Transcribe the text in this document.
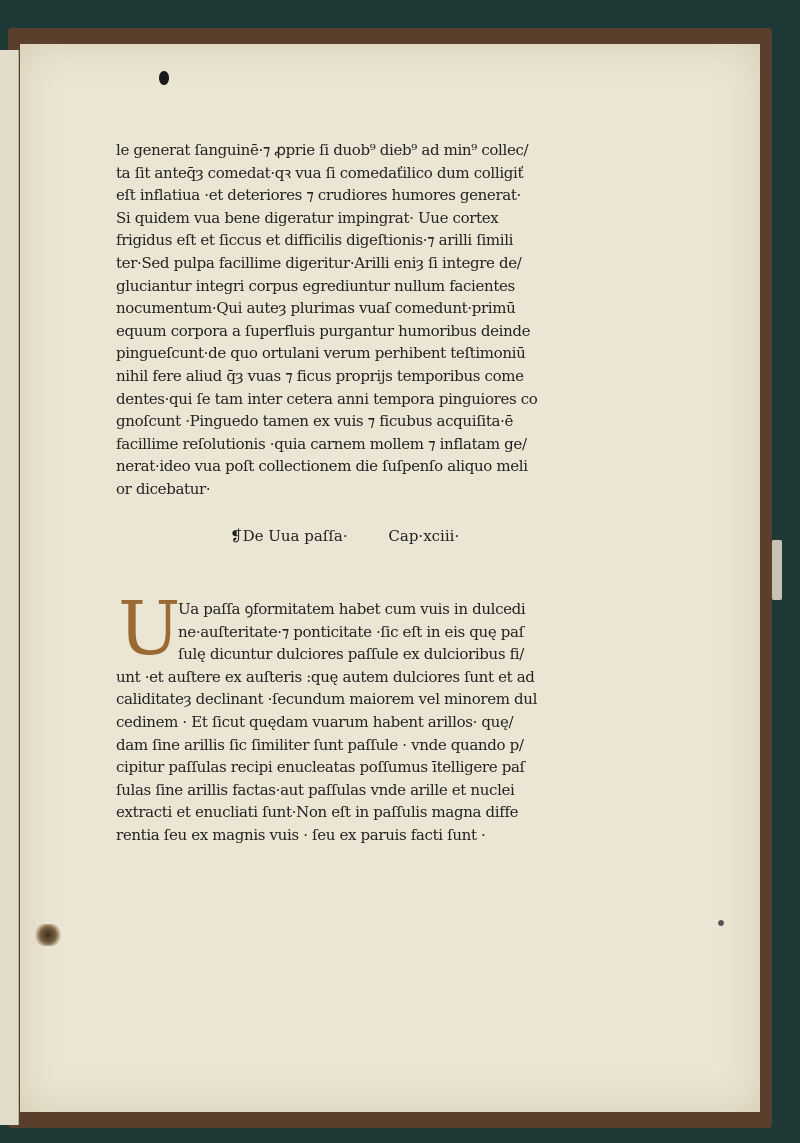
le generat ſanguinē·⁊ ꝓprie ſi duob⁹ dieb⁹ ad min⁹ collec/
ta ſit anteq̄ȝ comedat·qꝛ vua ſi comedaťilico dum colligiť
eſt inflatiua ·et deteriores ⁊ crudiores humores generat·
Si quidem vua bene digeratur impingrat· Uue cortex
frigidus eſt et ſiccus et difficilis digeſtionis·⁊ arilli ſimili
ter·Sed pulpa facillime digeritur·Arilli eniȝ ſi integre de/
gluciantur integri corpus egrediuntur nullum facientes
nocumentum·Qui auteȝ plurimas vuaſ comedunt·primū
equum corpora a ſuperfluis purgantur humoribus deinde
pingueſcunt·de quo ortulani verum perhibent teſtimoniū
nihil fere aliud q̄ȝ vuas ⁊ ficus proprijs temporibus come
dentes·qui ſe tam inter cetera anni tempora pinguiores co
gnoſcunt ·Pinguedo tamen ex vuis ⁊ ficubus acquiſita·ē
facillime reſolutionis ·quia carnem mollem ⁊ inflatam ge/
nerat·ideo vua poſt collectionem die ſuſpenſo aliquo meli
or dicebatur·
❡De Uua paſſa·	Cap·xciii·
U
Ua paſſa ꝯformitatem habet cum vuis in dulcedi
ne·auſteritate·⁊ ponticitate ·ſic eſt in eis quę paſ
ſulę dicuntur dulciores paſſule ex dulcioribus fi/
unt ·et auſtere ex auſteris :quę autem dulciores ſunt et ad
caliditateȝ declinant ·ſecundum maiorem vel minorem dul
cedinem · Et ſicut quędam vuarum habent arillos· quę/
dam ſine arillis ſic ſimiliter ſunt paſſule · vnde quando p/
cipitur paſſulas recipi enucleatas poſſumus ītelligere paſ
ſulas ſine arillis factas·aut paſſulas vnde arille et nuclei
extracti et enucliati ſunt·Non eſt in paſſulis magna diffe
rentia ſeu ex magnis vuis · ſeu ex paruis facti ſunt ·
